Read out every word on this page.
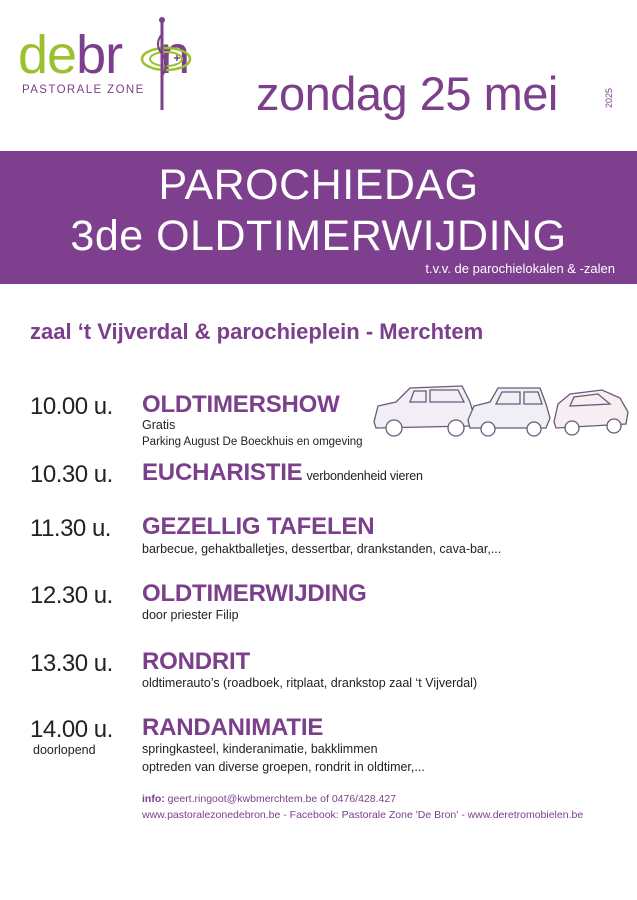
debr n
PASTORALE ZONE zondag 25 mei	2025
PAROCHIEDAG
3de OLDTIMERWIJDING
t.v.v. de parochielokalen & -zalen
zaal ‘t Vijverdal & parochieplein - Merchtem
10.00 u. OLDTIMERSHOW
Gratis
Parking August De Boeckhuis en omgeving
10.30 u. EUCHARISTIE verbondenheid vieren
11.30 u. GEZELLIG TAFELEN
barbecue, gehaktballetjes, dessertbar, drankstanden, cava-bar,...
12.30 u. OLDTIMERWIJDING
door priester Filip
13.30 u. RONDRIT
oldtimerauto’s (roadboek, ritplaat, drankstop zaal ‘t Vijverdal)
14.00 u.
doorlopend
RANDANIMATIE
springkasteel, kinderanimatie, bakklimmen
optreden van diverse groepen, rondrit in oldtimer,...
info: geert.ringoot@kwbmerchtem.be of 0476/428.427
www.pastoralezonedebron.be - Facebook: Pastorale Zone 'De Bron' - www.deretromobielen.be
